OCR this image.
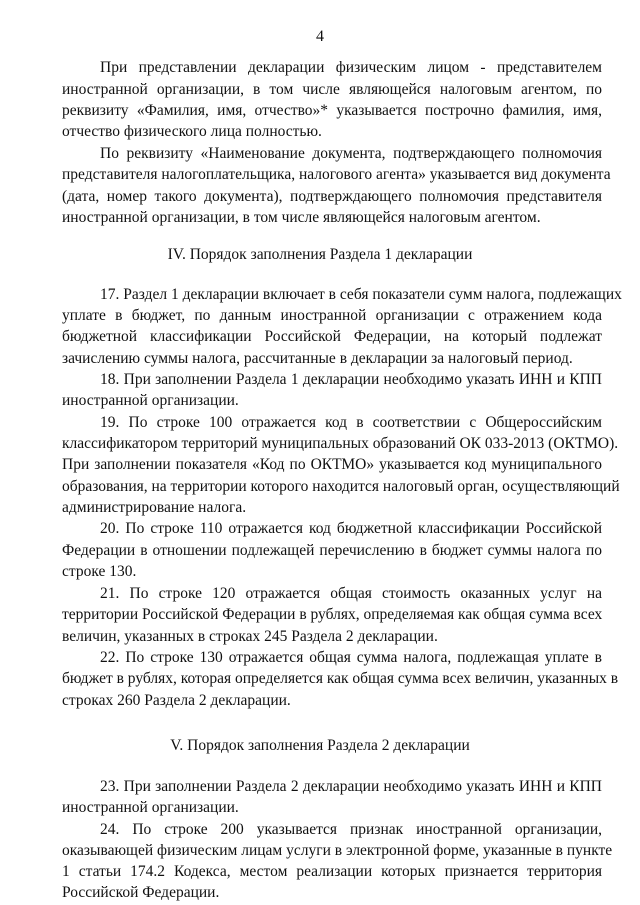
4
При представлении декларации физическим лицом - представителем
иностранной организации, в том числе являющейся налоговым агентом, по
реквизиту «Фамилия, имя, отчество»* указывается построчно фамилия, имя,
отчество физического лица полностью.
По реквизиту «Наименование документа, подтверждающего полномочия
представителя налогоплательщика, налогового агента» указывается вид документа
(дата, номер такого документа), подтверждающего полномочия представителя
иностранной организации, в том числе являющейся налоговым агентом.
IV. Порядок заполнения Раздела 1 декларации
17. Раздел 1 декларации включает в себя показатели сумм налога, подлежащих
уплате в бюджет, по данным иностранной организации с отражением кода
бюджетной классификации Российской Федерации, на который подлежат
зачислению суммы налога, рассчитанные в декларации за налоговый период.
18. При заполнении Раздела 1 декларации необходимо указать ИНН и КПП
иностранной организации.
19. По строке 100 отражается код в соответствии с Общероссийским
классификатором территорий муниципальных образований ОК 033-2013 (ОКТМО).
При заполнении показателя «Код по ОКТМО» указывается код муниципального
образования, на территории которого находится налоговый орган, осуществляющий
администрирование налога.
20. По строке 110 отражается код бюджетной классификации Российской
Федерации в отношении подлежащей перечислению в бюджет суммы налога по
строке 130.
21. По строке 120 отражается общая стоимость оказанных услуг на
территории Российской Федерации в рублях, определяемая как общая сумма всех
величин, указанных в строках 245 Раздела 2 декларации.
22. По строке 130 отражается общая сумма налога, подлежащая уплате в
бюджет в рублях, которая определяется как общая сумма всех величин, указанных в
строках 260 Раздела 2 декларации.
V. Порядок заполнения Раздела 2 декларации
23. При заполнении Раздела 2 декларации необходимо указать ИНН и КПП
иностранной организации.
24. По строке 200 указывается признак иностранной организации,
оказывающей физическим лицам услуги в электронной форме, указанные в пункте
1 статьи 174.2 Кодекса, местом реализации которых признается территория
Российской Федерации.
